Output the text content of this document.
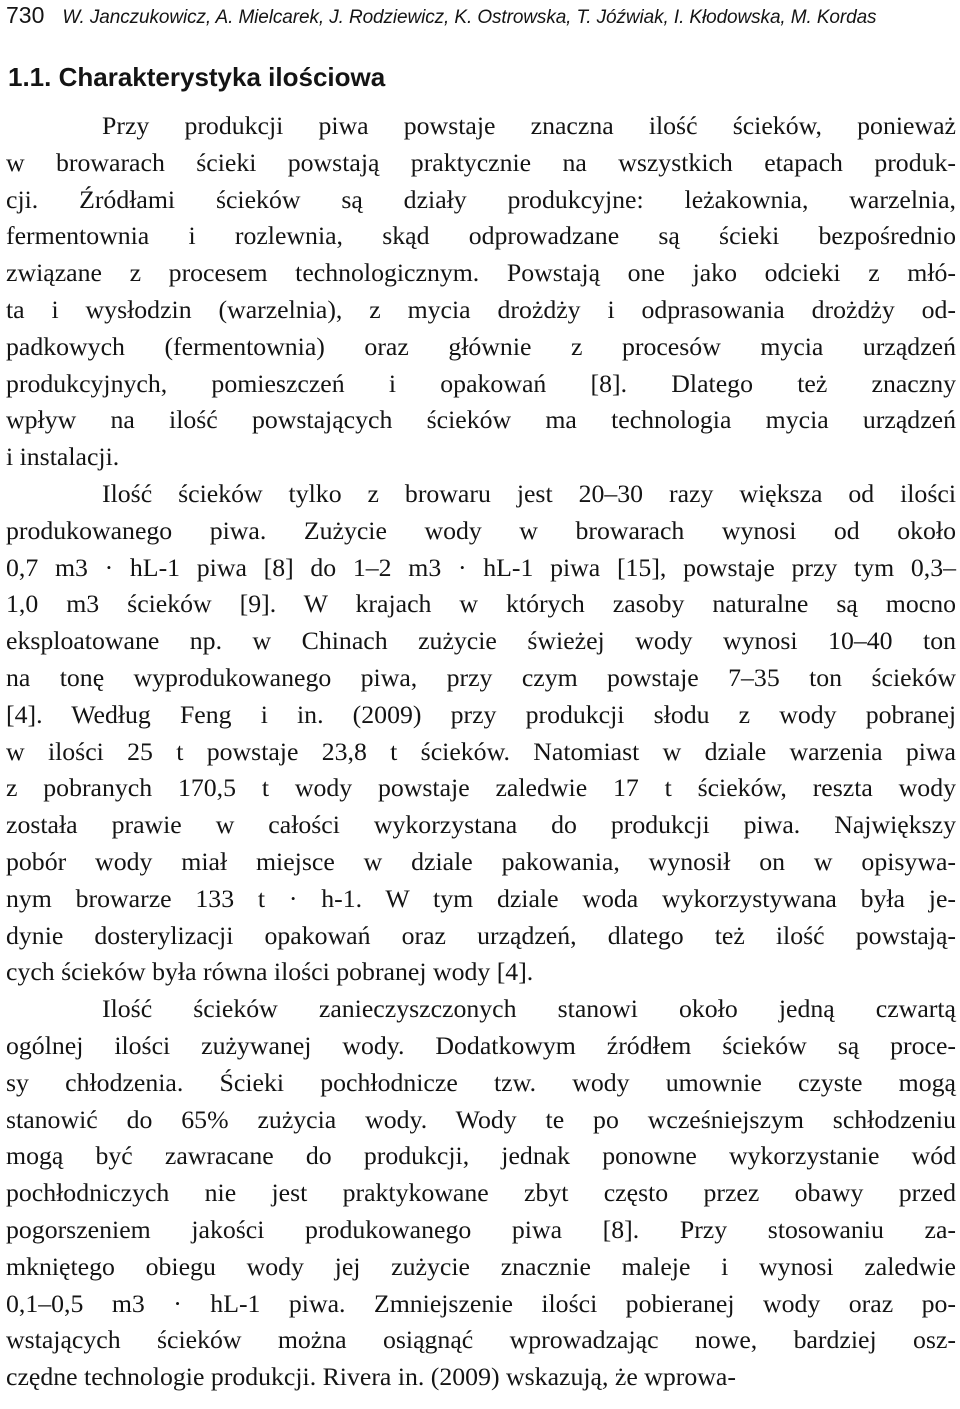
730 W. Janczukowicz, A. Mielcarek, J. Rodziewicz, K. Ostrowska, T. Jóźwiak, I. Kłodowska, M. Kordas
1.1. Charakterystyka ilościowa
Przy produkcji piwa powstaje znaczna ilość ścieków, ponieważ
w browarach ścieki powstają praktycznie na wszystkich etapach produk-
cji. Źródłami ścieków są działy produkcyjne: leżakownia, warzelnia,
fermentownia i rozlewnia, skąd odprowadzane są ścieki bezpośrednio
związane z procesem technologicznym. Powstają one jako odcieki z młó-
ta i wysłodzin (warzelnia), z mycia drożdży i odprasowania drożdży od-
padkowych (fermentownia) oraz głównie z procesów mycia urządzeń
produkcyjnych, pomieszczeń i opakowań [8]. Dlatego też znaczny
wpływ na ilość powstających ścieków ma technologia mycia urządzeń
i instalacji.
Ilość ścieków tylko z browaru jest 20–30 razy większa od ilości
produkowanego piwa. Zużycie wody w browarach wynosi od około
0,7 m3 · hL-1 piwa [8] do 1–2 m3 · hL-1 piwa [15], powstaje przy tym 0,3–
1,0 m3 ścieków [9]. W krajach w których zasoby naturalne są mocno
eksploatowane np. w Chinach zużycie świeżej wody wynosi 10–40 ton
na tonę wyprodukowanego piwa, przy czym powstaje 7–35 ton ścieków
[4]. Według Feng i in. (2009) przy produkcji słodu z wody pobranej
w ilości 25 t powstaje 23,8 t ścieków. Natomiast w dziale warzenia piwa
z pobranych 170,5 t wody powstaje zaledwie 17 t ścieków, reszta wody
została prawie w całości wykorzystana do produkcji piwa. Największy
pobór wody miał miejsce w dziale pakowania, wynosił on w opisywa-
nym browarze 133 t · h-1. W tym dziale woda wykorzystywana była je-
dynie dosterylizacji opakowań oraz urządzeń, dlatego też ilość powstają-
cych ścieków była równa ilości pobranej wody [4].
Ilość ścieków zanieczyszczonych stanowi około jedną czwartą
ogólnej ilości zużywanej wody. Dodatkowym źródłem ścieków są proce-
sy chłodzenia. Ścieki pochłodnicze tzw. wody umownie czyste mogą
stanowić do 65% zużycia wody. Wody te po wcześniejszym schłodzeniu
mogą być zawracane do produkcji, jednak ponowne wykorzystanie wód
pochłodniczych nie jest praktykowane zbyt często przez obawy przed
pogorszeniem jakości produkowanego piwa [8]. Przy stosowaniu za-
mkniętego obiegu wody jej zużycie znacznie maleje i wynosi zaledwie
0,1–0,5 m3 · hL-1 piwa. Zmniejszenie ilości pobieranej wody oraz po-
wstających ścieków można osiągnąć wprowadzając nowe, bardziej osz-
czędne technologie produkcji. Rivera in. (2009) wskazują, że wprowa-
